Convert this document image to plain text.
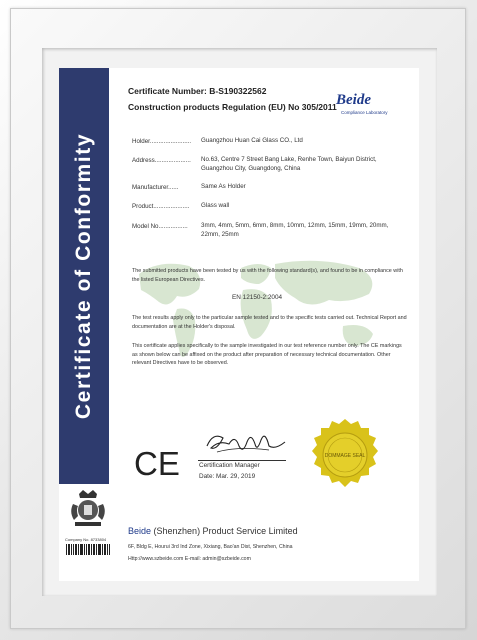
Certificate of Conformity
Company No. 8733804
Certificate Number: B-S190322562
Construction products Regulation (EU) No 305/2011 Beide
Compliance Laboratory
Holder........................ Guangzhou Huan Cai Glass CO., Ltd
Address..................... No.63, Centre 7 Street Bang Lake, Renhe Town, Baiyun District, Guangzhou City, Guangdong, China
Manufacturer......	Same As Holder
Product..................... Glass wall
Model No................. 3mm, 4mm, 5mm, 6mm, 8mm, 10mm, 12mm, 15mm, 19mm, 20mm, 22mm, 25mm
The submitted products have been tested by us with the following standard(s), and found to be in compliance with the listed European Directives.
EN 12150-2:2004
The test results apply only to the particular sample tested and to the specific tests carried out. Technical Report and documentation are at the Holder's disposal.
This certificate applies specifically to the sample investigated in our test reference number only. The CE markings as shown below can be affixed on the product after preparation of necessary technical documentation. Other relevant Directives have to be observed.
CE	Certification Manager
Date: Mar. 29, 2019
DOMMAGE SEAL
Beide (Shenzhen) Product Service Limited
6F, Bldg E, Hourui 3rd Ind Zone, Xixiang, Bao'an Dist, Shenzhen, China
Http://www.szbeide.com E-mail: admin@szbeide.com
